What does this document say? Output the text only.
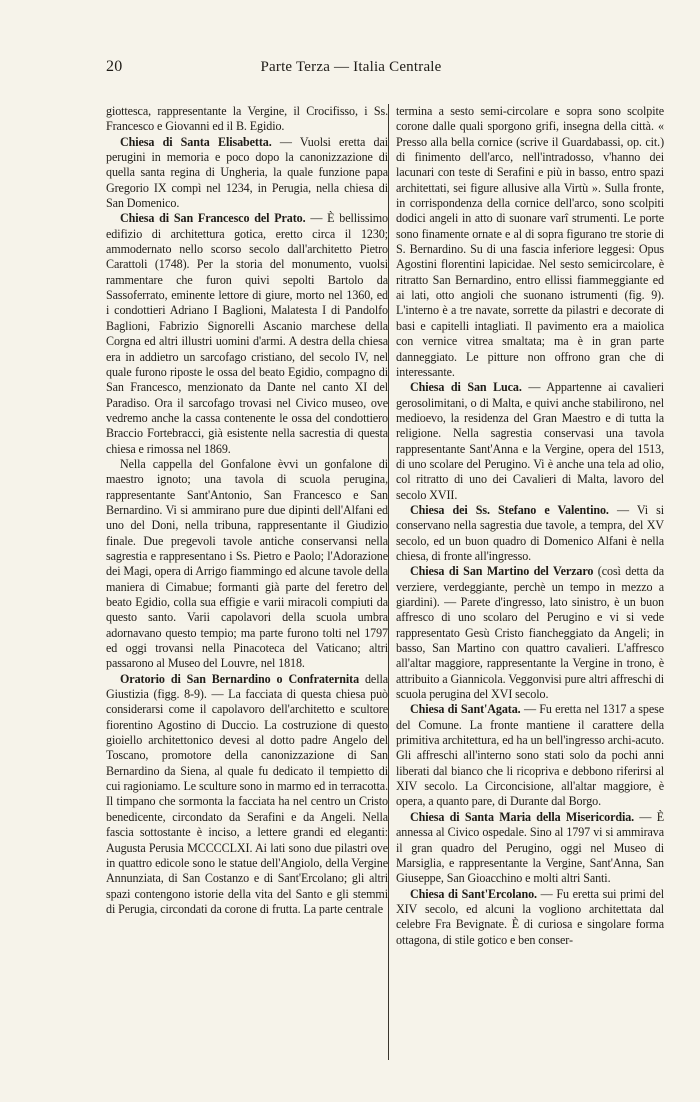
20	Parte Terza — Italia Centrale

giottesca, rappresentante la Vergine, il Crocifisso, i Ss. Francesco e Giovanni ed il B. Egidio.

Chiesa di Santa Elisabetta. — Vuolsi eretta dai perugini in memoria e poco dopo la canonizzazione di quella santa regina di Ungheria, la quale funzione papa Gregorio IX compì nel 1234, in Perugia, nella chiesa di San Domenico.

Chiesa di San Francesco del Prato. — È bellissimo edifizio di architettura gotica, eretto circa il 1230; ammodernato nello scorso secolo dall'architetto Pietro Carattoli (1748). Per la storia del monumento, vuolsi rammentare che furon quivi sepolti Bartolo da Sassoferrato, eminente lettore di giure, morto nel 1360, ed i condottieri Adriano I Baglioni, Malatesta I di Pandolfo Baglioni, Fabrizio Signorelli Ascanio marchese della Corgna ed altri illustri uomini d'armi. A destra della chiesa era in addietro un sarcofago cristiano, del secolo IV, nel quale furono riposte le ossa del beato Egidio, compagno di San Francesco, menzionato da Dante nel canto XI del Paradiso. Ora il sarcofago trovasi nel Civico museo, ove vedremo anche la cassa contenente le ossa del condottiero Braccio Fortebracci, già esistente nella sacrestia di questa chiesa e rimossa nel 1869.

Nella cappella del Gonfalone èvvi un gonfalone di maestro ignoto; una tavola di scuola perugina, rappresentante Sant'Antonio, San Francesco e San Bernardino. Vi si ammirano pure due dipinti dell'Alfani ed uno del Doni, nella tribuna, rappresentante il Giudizio finale. Due pregevoli tavole antiche conservansi nella sagrestia e rappresentano i Ss. Pietro e Paolo; l'Adorazione dei Magi, opera di Arrigo fiammingo ed alcune tavole della maniera di Cimabue; formanti già parte del feretro del beato Egidio, colla sua effigie e varii miracoli compiuti da questo santo. Varii capolavori della scuola umbra adornavano questo tempio; ma parte furono tolti nel 1797 ed oggi trovansi nella Pinacoteca del Vaticano; altri passarono al Museo del Louvre, nel 1818.

Oratorio di San Bernardino o Confraternita della Giustizia (figg. 8-9). — La facciata di questa chiesa può considerarsi come il capolavoro dell'architetto e scultore fiorentino Agostino di Duccio. La costruzione di questo gioiello architettonico devesi al dotto padre Angelo del Toscano, promotore della canonizzazione di San Bernardino da Siena, al quale fu dedicato il tempietto di cui ragioniamo. Le sculture sono in marmo ed in terracotta. Il timpano che sormonta la facciata ha nel centro un Cristo benedicente, circondato da Serafini e da Angeli. Nella fascia sottostante è inciso, a lettere grandi ed eleganti: Augusta Perusia MCCCCLXI. Ai lati sono due pilastri ove in quattro edicole sono le statue dell'Angiolo, della Vergine Annunziata, di San Costanzo e di Sant'Ercolano; gli altri spazi contengono istorie della vita del Santo e gli stemmi di Perugia, circondati da corone di frutta. La parte centrale

termina a sesto semi-circolare e sopra sono scolpite corone dalle quali sporgono grifi, insegna della città. « Presso alla bella cornice (scrive il Guardabassi, op. cit.) di finimento dell'arco, nell'intradosso, v'hanno dei lacunari con teste di Serafini e più in basso, entro spazi architettati, sei figure allusive alla Virtù ». Sulla fronte, in corrispondenza della cornice dell'arco, sono scolpiti dodici angeli in atto di suonare varî strumenti. Le porte sono finamente ornate e al di sopra figurano tre storie di S. Bernardino. Su di una fascia inferiore leggesi: Opus Agostini florentini lapicidae. Nel sesto semicircolare, è ritratto San Bernardino, entro ellissi fiammeggiante ed ai lati, otto angioli che suonano istrumenti (fig. 9). L'interno è a tre navate, sorrette da pilastri e decorate di basi e capitelli intagliati. Il pavimento era a maiolica con vernice vitrea smaltata; ma è in gran parte danneggiato. Le pitture non offrono gran che di interessante.

Chiesa di San Luca. — Appartenne ai cavalieri gerosolimitani, o di Malta, e quivi anche stabilirono, nel medioevo, la residenza del Gran Maestro e di tutta la religione. Nella sagrestia conservasi una tavola rappresentante Sant'Anna e la Vergine, opera del 1513, di uno scolare del Perugino. Vi è anche una tela ad olio, col ritratto di uno dei Cavalieri di Malta, lavoro del secolo XVII.

Chiesa dei Ss. Stefano e Valentino. — Vi si conservano nella sagrestia due tavole, a tempra, del XV secolo, ed un buon quadro di Domenico Alfani è nella chiesa, di fronte all'ingresso.

Chiesa di San Martino del Verzaro (così detta da verziere, verdeggiante, perchè un tempo in mezzo a giardini). — Parete d'ingresso, lato sinistro, è un buon affresco di uno scolaro del Perugino e vi si vede rappresentato Gesù Cristo fiancheggiato da Angeli; in basso, San Martino con quattro cavalieri. L'affresco all'altar maggiore, rappresentante la Vergine in trono, è attribuito a Giannicola. Veggonvisi pure altri affreschi di scuola perugina del XVI secolo.

Chiesa di Sant'Agata. — Fu eretta nel 1317 a spese del Comune. La fronte mantiene il carattere della primitiva architettura, ed ha un bell'ingresso archi-acuto. Gli affreschi all'interno sono stati solo da pochi anni liberati dal bianco che li ricopriva e debbono riferirsi al XIV secolo. La Circoncisione, all'altar maggiore, è opera, a quanto pare, di Durante dal Borgo.

Chiesa di Santa Maria della Misericordia. — È annessa al Civico ospedale. Sino al 1797 vi si ammirava il gran quadro del Perugino, oggi nel Museo di Marsiglia, e rappresentante la Vergine, Sant'Anna, San Giuseppe, San Gioacchino e molti altri Santi.

Chiesa di Sant'Ercolano. — Fu eretta sui primi del XIV secolo, ed alcuni la vogliono architettata dal celebre Fra Bevignate. È di curiosa e singolare forma ottagona, di stile gotico e ben conser-
